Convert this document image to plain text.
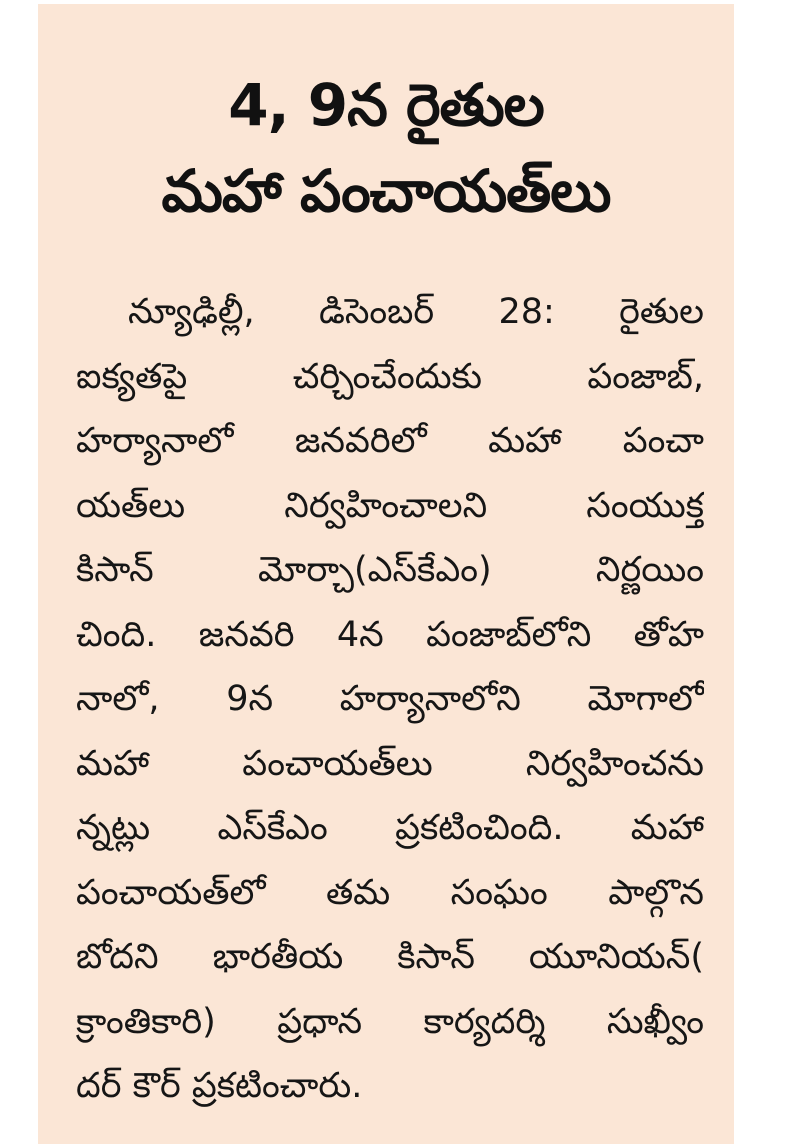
4, 9న రైతుల
మహా పంచాయత్‌లు
న్యూఢిల్లీ, డిసెంబర్ 28: రైతుల
ఐక్యతపై చర్చించేందుకు పంజాబ్,
హర్యానాలో జనవరిలో మహా పంచా
యత్‌లు నిర్వహించాలని సంయుక్త
కిసాన్ మోర్చా(ఎస్‌కేఎం) నిర్ణయిం
చింది. జనవరి 4న పంజాబ్‌లోని తోహ
నాలో, 9న హర్యానాలోని మోగాలో
మహా పంచాయత్‌లు నిర్వహించను
న్నట్లు ఎస్‌కేఎం ప్రకటించింది. మహా
పంచాయత్‌లో తమ సంఘం పాల్గొన
బోదని భారతీయ కిసాన్ యూనియన్(
క్రాంతికారి) ప్రధాన కార్యదర్శి సుఖ్వీం
దర్ కౌర్ ప్రకటించారు.
